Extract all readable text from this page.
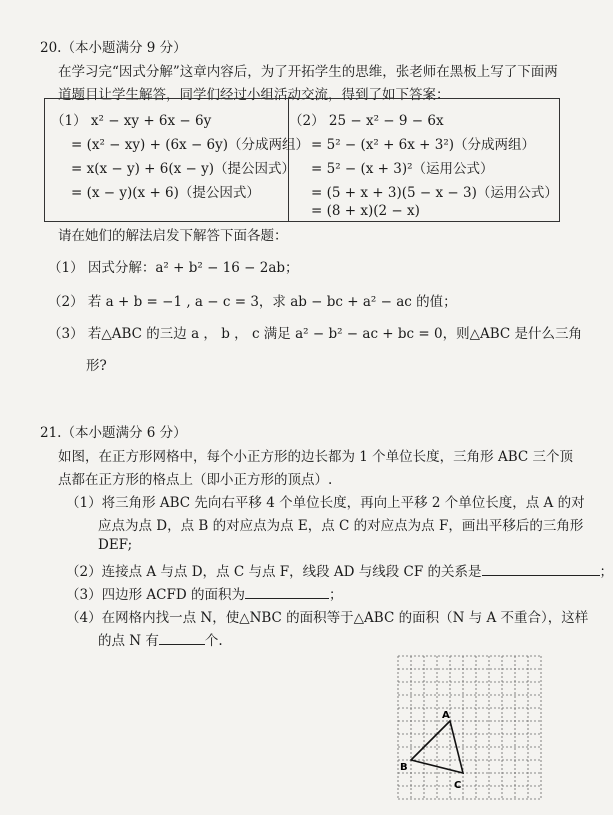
20.（本小题满分 9 分）
在学习完“因式分解”这章内容后，为了开拓学生的思维，张老师在黑板上写了下面两
道题目让学生解答，同学们经过小组活动交流，得到了如下答案：
（1） x² − xy + 6x − 6y
= (x² − xy) + (6x − 6y)（分成两组）
= x(x − y) + 6(x − y)（提公因式）
= (x − y)(x + 6)（提公因式）
（2） 25 − x² − 9 − 6x
= 5² − (x² + 6x + 3²)（分成两组）
= 5² − (x + 3)²（运用公式）
= (5 + x + 3)(5 − x − 3)（运用公式）
= (8 + x)(2 − x)
请在她们的解法启发下解答下面各题：
（1） 因式分解：a² + b² − 16 − 2ab；
（2） 若 a + b = −1 , a − c = 3，求 ab − bc + a² − ac 的值；
（3） 若△ABC 的三边 a ， b ， c 满足 a² − b² − ac + bc = 0，则△ABC 是什么三角
形?
21.（本小题满分 6 分）
如图，在正方形网格中，每个小正方形的边长都为 1 个单位长度，三角形 ABC 三个顶
点都在正方形的格点上（即小正方形的顶点）.
（1）将三角形 ABC 先向右平移 4 个单位长度，再向上平移 2 个单位长度，点 A 的对
应点为点 D，点 B 的对应点为点 E，点 C 的对应点为点 F，画出平移后的三角形
DEF;
（2）连接点 A 与点 D，点 C 与点 F，线段 AD 与线段 CF 的关系是	；
（3）四边形 ACFD 的面积为	；
（4）在网格内找一点 N，使△NBC 的面积等于△ABC 的面积（N 与 A 不重合），这样
的点 N 有	个.
A
B
C
